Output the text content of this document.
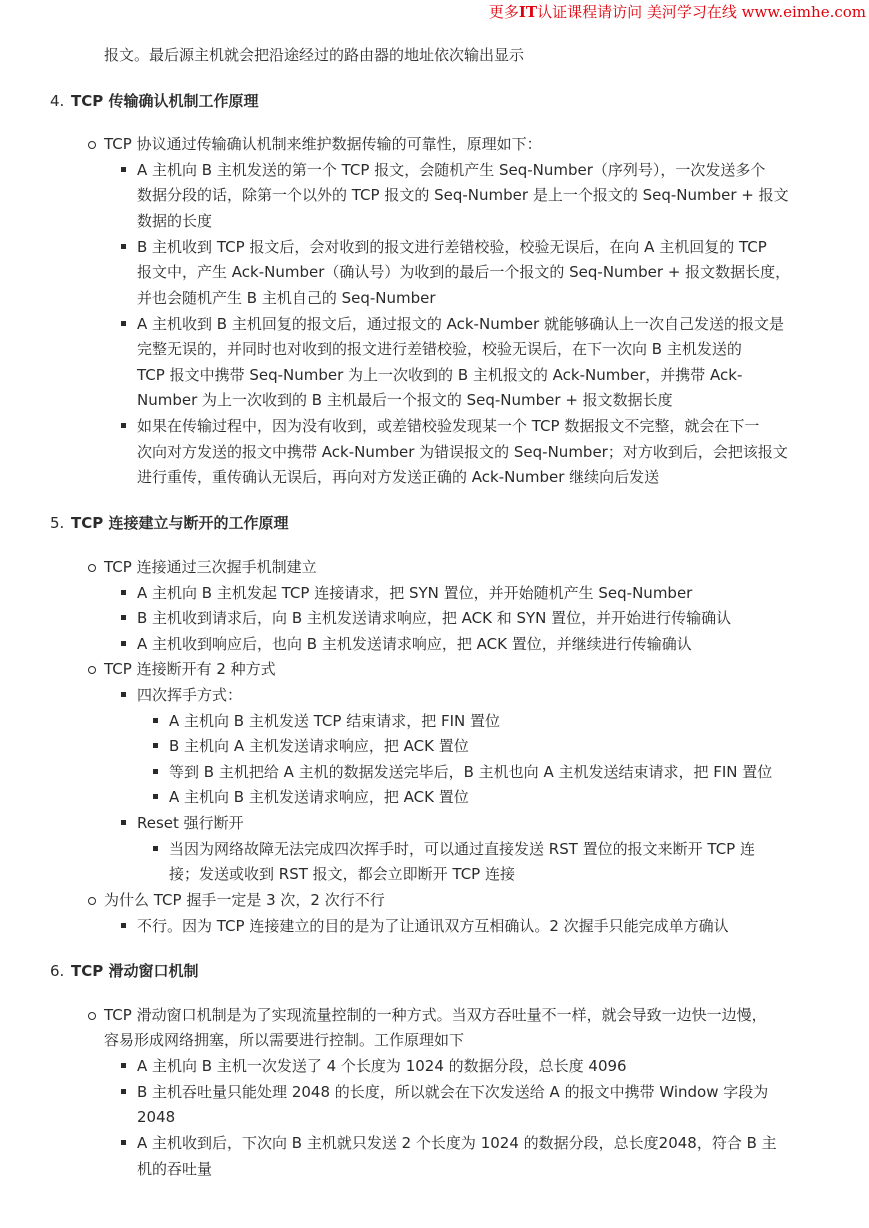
更多IT认证课程请访问 美河学习在线 www.eimhe.com
报文。最后源主机就会把沿途经过的路由器的地址依次输出显示
4. TCP 传输确认机制工作原理
TCP 协议通过传输确认机制来维护数据传输的可靠性，原理如下：
A 主机向 B 主机发送的第一个 TCP 报文，会随机产生 Seq-Number（序列号），一次发送多个
数据分段的话，除第一个以外的 TCP 报文的 Seq-Number 是上一个报文的 Seq-Number + 报文
数据的长度
B 主机收到 TCP 报文后，会对收到的报文进行差错校验，校验无误后，在向 A 主机回复的 TCP
报文中，产生 Ack-Number（确认号）为收到的最后一个报文的 Seq-Number + 报文数据长度，
并也会随机产生 B 主机自己的 Seq-Number
A 主机收到 B 主机回复的报文后，通过报文的 Ack-Number 就能够确认上一次自己发送的报文是
完整无误的，并同时也对收到的报文进行差错校验，校验无误后，在下一次向 B 主机发送的
TCP 报文中携带 Seq-Number 为上一次收到的 B 主机报文的 Ack-Number，并携带 Ack-
Number 为上一次收到的 B 主机最后一个报文的 Seq-Number + 报文数据长度
如果在传输过程中，因为没有收到，或差错校验发现某一个 TCP 数据报文不完整，就会在下一
次向对方发送的报文中携带 Ack-Number 为错误报文的 Seq-Number；对方收到后，会把该报文
进行重传，重传确认无误后，再向对方发送正确的 Ack-Number 继续向后发送
5. TCP 连接建立与断开的工作原理
TCP 连接通过三次握手机制建立
A 主机向 B 主机发起 TCP 连接请求，把 SYN 置位，并开始随机产生 Seq-Number
B 主机收到请求后，向 B 主机发送请求响应，把 ACK 和 SYN 置位，并开始进行传输确认
A 主机收到响应后，也向 B 主机发送请求响应，把 ACK 置位，并继续进行传输确认
TCP 连接断开有 2 种方式
四次挥手方式：
A 主机向 B 主机发送 TCP 结束请求，把 FIN 置位
B 主机向 A 主机发送请求响应，把 ACK 置位
等到 B 主机把给 A 主机的数据发送完毕后，B 主机也向 A 主机发送结束请求，把 FIN 置位
A 主机向 B 主机发送请求响应，把 ACK 置位
Reset 强行断开
当因为网络故障无法完成四次挥手时，可以通过直接发送 RST 置位的报文来断开 TCP 连
接；发送或收到 RST 报文，都会立即断开 TCP 连接
为什么 TCP 握手一定是 3 次，2 次行不行
不行。因为 TCP 连接建立的目的是为了让通讯双方互相确认。2 次握手只能完成单方确认
6. TCP 滑动窗口机制
TCP 滑动窗口机制是为了实现流量控制的一种方式。当双方吞吐量不一样，就会导致一边快一边慢，
容易形成网络拥塞，所以需要进行控制。工作原理如下
A 主机向 B 主机一次发送了 4 个长度为 1024 的数据分段，总长度 4096
B 主机吞吐量只能处理 2048 的长度，所以就会在下次发送给 A 的报文中携带 Window 字段为
2048
A 主机收到后，下次向 B 主机就只发送 2 个长度为 1024 的数据分段，总长度2048，符合 B 主
机的吞吐量
